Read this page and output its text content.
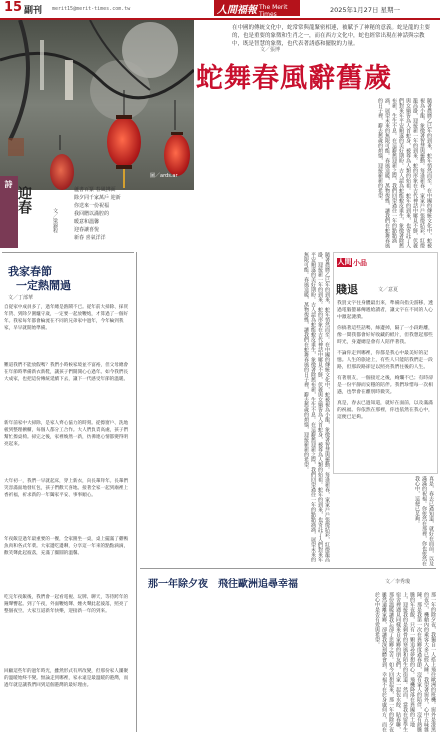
15 副刊 merit15@merit-times.com.tw	人間福報 The Merit Times
2025年1月27日 星期一
圖／ards.ar
在中國的傳統文化中，蛇常常與龍緊密相連，被賦予了神秘的意義。蛇是龍的主要的，也是重要的象徵和生肖之一，而在西方文化中，蛇也經常出現在神話與宗教中，既是智慧的象徵，也代表著誘惑和擺脫的力量。
文／張博
蛇舞春風辭舊歲
隨著農曆乙巳年的到來，蛇年悄然而至。在中國的傳統文化中，蛇被視為小龍，象徵著智慧與靈動。每逢新春，家家戶戶張燈結彩，紅燈籠高掛，迎接新一年的到來。蛇的形象在古代神話中屢見不鮮，伏羲與女媧皆為人首蛇身，被尊為人類的始祖。蛇年的到來，也寄託了人們對來年平安順遂的美好期盼。古人認為蛇能蛻皮重生，象徵著除舊布新，生生不息。在這辭舊迎新之際，我們回望過往一年的點點滴滴，展望未來的無限可能。春風送暖，萬物復甦，讓我們在蛇舞春風的日子裡，辭去舊歲的煩惱，迎接嶄新的希望。
詩
迎春
文／梁錦程
蘆書百篆 春風拂面
除夕同千家萬戶 迎新
你送來一份祝福
我回贈以滿腔的
暖意和溫馨
迎春讓喜悅
新春 喜氣洋洋
我家春節
一定熱鬧過
文／丁部華
自從家中成員多了，過年總是熱鬧不已。從年前大掃除、採買年貨、到除夕圍爐守歲，一定要一起放鞭炮，才算過了一個好年。我家每年都會輪流在不同的兄弟家中過年，今年輪到我家，早早就開始準備。
難道我們不能放假嗎？我們小時候家境並不富裕，但父母總會在年節時準備新衣新鞋，讓孩子們開開心心過年。如今我們長大成家，也把這份傳統延續下去，讓下一代感受年節的溫暖。
新年前家中大掃除，是家人齊心協力的時刻。從擦窗戶、洗地板到整理櫥櫃，每個人都分工合作。大人們負責高處，孩子們幫忙擦桌椅。掃完之後，家裡煥然一新，彷彿連心情都變得明亮起來。
大年初一，我們一早就起床，穿上新衣，向長輩拜年。長輩們笑容滿面地發紅包，孩子們歡天喜地。接著全家一起到廟裡上香祈福，祈求新的一年闔家平安、事事順心。
年夜飯是過年最重要的一餐，全家圍坐一桌，桌上擺滿了雞鴨魚肉和各式年菜。大家邊吃邊聊，分享這一年來的點點滴滴，歡笑聲此起彼落，充滿了團圓的溫馨。
吃完年夜飯後，我們會一起看電視、玩牌、聊天，等待跨年的鐘聲響起。到了午夜，外面鞭炮聲、煙火聲此起彼落，照亮了整個夜空。大家互道新年快樂，迎接新一年的到來。
回顧這些年的過年時光，雖然形式有所改變，但那份家人團聚的溫暖始終不變。無論走到哪裡，家永遠是最溫暖的港灣，而過年就是讓我們回到這個港灣的最好理由。
隨著農曆乙巳年的到來，蛇年悄然而至。在中國的傳統文化中，蛇被視為小龍，象徵著智慧與靈動。每逢新春，家家戶戶張燈結彩，紅燈籠高掛，迎接新一年的到來。蛇的形象在古代神話中屢見不鮮，伏羲與女媧皆為人首蛇身，被尊為人類的始祖。蛇年的到來，也寄託了人們對來年平安順遂的美好期盼。古人認為蛇能蛻皮重生，象徵著除舊布新，生生不息。在這辭舊迎新之際，我們回望過往一年的點點滴滴，展望未來的無限可能。春風送暖，萬物復甦，讓我們在蛇舞春風的日子裡，辭去舊歲的煩惱，迎接嶄新的希望。	人間 小品
賤退	文／意夏

我買文字往身體最出來，準備向指尖游移，透過電腦螢幕傳遞給讀者，讓文字在不同的人心中激起漣漪。

你搞著這些話嗎，絲邊掉，隔了一小段距離，像一間我都會好好收藏的紙片，但我想起那些時光，身邊總是會有人陪伴著我。

不論你走到哪裡，你都是我心中最美好的記憶。人生的旅途上，有些人只能陪我們走一段路，但那段路卻足以照亮我們往後的人生。

有著朋友，一個接近之後，絢爛不已；有時卻是一份平靜而安穩的陪伴。我們珍惜每一次相遇，也學會在離別時微笑。

真是，春去已過知道，就好在面前，以及滿滿的祝福。你依然在那裡，你也依然在我心中，這便已足夠。

真是，春去已過知道，就好在面前，以及滿滿的祝福。你依然在那裡，你也依然在我心中，這便已足夠。
那一年除夕夜　飛往歐洲追尋幸福	文／李秀瓊
那一年的除夕夜，我獨自一人搭上飛往歐洲的班機。窗外是漆黑的夜空，機艙內的乘客大多已經入睡。我望著窗外，心中五味雜陳。那是我第一次在異鄉度過春節，沒有家人的陪伴，沒有熱騰騰的年夜飯，只有一顆追尋夢想的心。飛機降落在異國的土地上，迎接我的是刺骨的寒風和陌生的街道。然而，當我在留學生宿舍裡遇見同樣來自家鄉的朋友們，大家一起包水餃、貼春聯，那份溫暖讓我忘卻了思鄉之苦。如今回想起來，那一年的除夕夜雖然遠離家鄉，卻讓我深刻體會到，幸福不在於身處何方，而在於心中是否有愛與希望。
